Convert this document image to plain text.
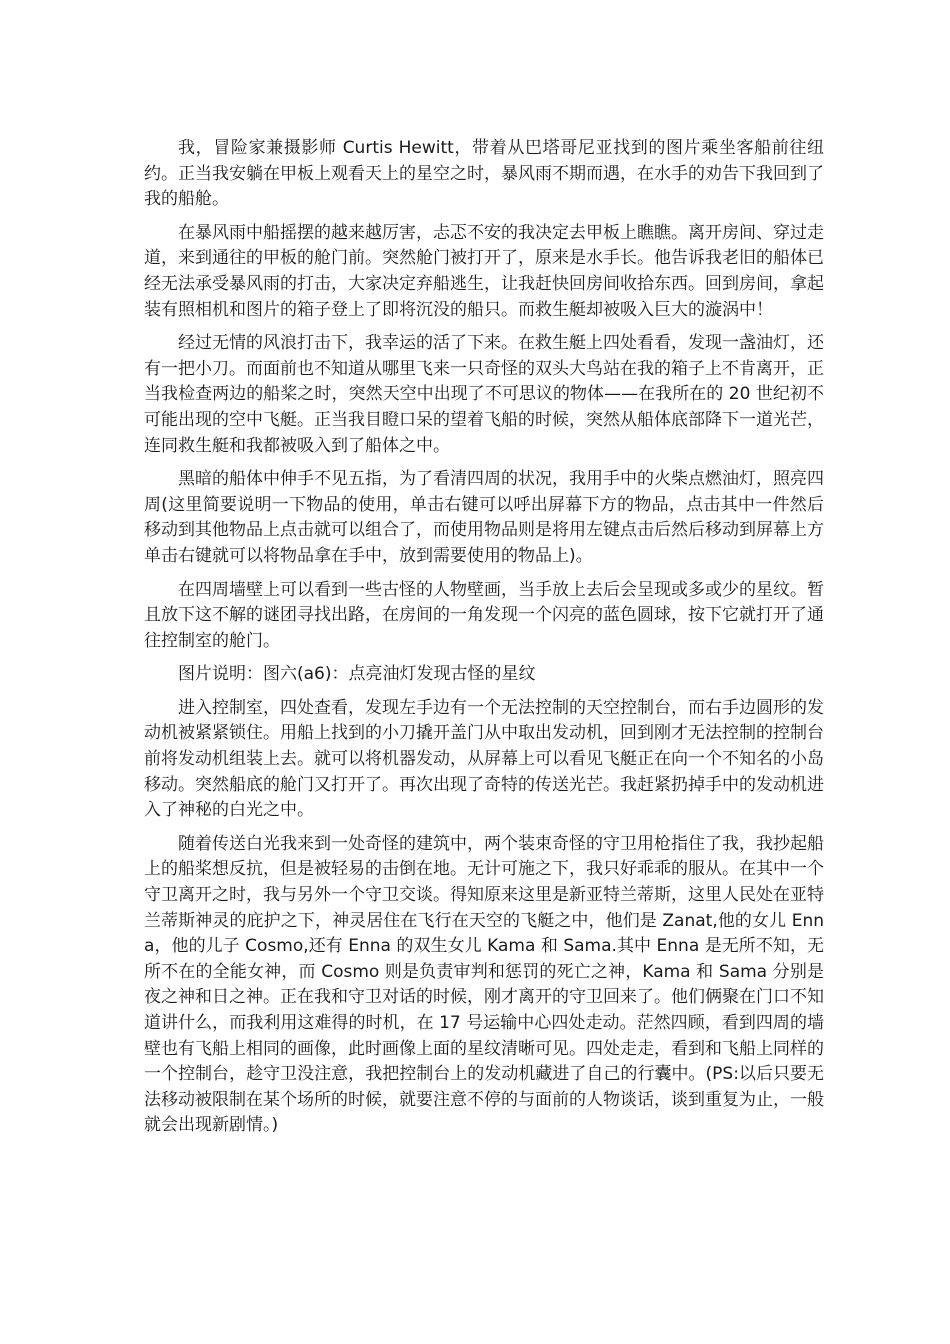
我，冒险家兼摄影师 Curtis Hewitt，带着从巴塔哥尼亚找到的图片乘坐客船前往纽约。正当我安躺在甲板上观看天上的星空之时，暴风雨不期而遇，在水手的劝告下我回到了我的船舱。

在暴风雨中船摇摆的越来越厉害，忐忑不安的我决定去甲板上瞧瞧。离开房间、穿过走道，来到通往的甲板的舱门前。突然舱门被打开了，原来是水手长。他告诉我老旧的船体已经无法承受暴风雨的打击，大家决定弃船逃生，让我赶快回房间收拾东西。回到房间，拿起装有照相机和图片的箱子登上了即将沉没的船只。而救生艇却被吸入巨大的漩涡中！

经过无情的风浪打击下，我幸运的活了下来。在救生艇上四处看看，发现一盏油灯，还有一把小刀。而面前也不知道从哪里飞来一只奇怪的双头大鸟站在我的箱子上不肯离开，正当我检查两边的船桨之时，突然天空中出现了不可思议的物体——在我所在的 20 世纪初不可能出现的空中飞艇。正当我目瞪口呆的望着飞船的时候，突然从船体底部降下一道光芒，连同救生艇和我都被吸入到了船体之中。

黑暗的船体中伸手不见五指，为了看清四周的状况，我用手中的火柴点燃油灯，照亮四周(这里简要说明一下物品的使用，单击右键可以呼出屏幕下方的物品，点击其中一件然后移动到其他物品上点击就可以组合了，而使用物品则是将用左键点击后然后移动到屏幕上方单击右键就可以将物品拿在手中，放到需要使用的物品上)。

在四周墙壁上可以看到一些古怪的人物壁画，当手放上去后会呈现或多或少的星纹。暂且放下这不解的谜团寻找出路，在房间的一角发现一个闪亮的蓝色圆球，按下它就打开了通往控制室的舱门。

图片说明：图六(a6)：点亮油灯发现古怪的星纹

进入控制室，四处查看，发现左手边有一个无法控制的天空控制台，而右手边圆形的发动机被紧紧锁住。用船上找到的小刀撬开盖门从中取出发动机，回到刚才无法控制的控制台前将发动机组装上去。就可以将机器发动，从屏幕上可以看见飞艇正在向一个不知名的小岛移动。突然船底的舱门又打开了。再次出现了奇特的传送光芒。我赶紧扔掉手中的发动机进入了神秘的白光之中。

随着传送白光我来到一处奇怪的建筑中，两个装束奇怪的守卫用枪指住了我，我抄起船上的船桨想反抗，但是被轻易的击倒在地。无计可施之下，我只好乖乖的服从。在其中一个守卫离开之时，我与另外一个守卫交谈。得知原来这里是新亚特兰蒂斯，这里人民处在亚特兰蒂斯神灵的庇护之下，神灵居住在飞行在天空的飞艇之中，他们是 Zanat,他的女儿 Enna，他的儿子 Cosmo,还有 Enna 的双生女儿 Kama 和 Sama.其中 Enna 是无所不知，无所不在的全能女神，而 Cosmo 则是负责审判和惩罚的死亡之神，Kama 和 Sama 分别是夜之神和日之神。正在我和守卫对话的时候，刚才离开的守卫回来了。他们俩聚在门口不知道讲什么，而我利用这难得的时机，在 17 号运输中心四处走动。茫然四顾，看到四周的墙壁也有飞船上相同的画像，此时画像上面的星纹清晰可见。四处走走，看到和飞船上同样的一个控制台，趁守卫没注意，我把控制台上的发动机藏进了自己的行囊中。(PS:以后只要无法移动被限制在某个场所的时候，就要注意不停的与面前的人物谈话，谈到重复为止，一般就会出现新剧情。)
